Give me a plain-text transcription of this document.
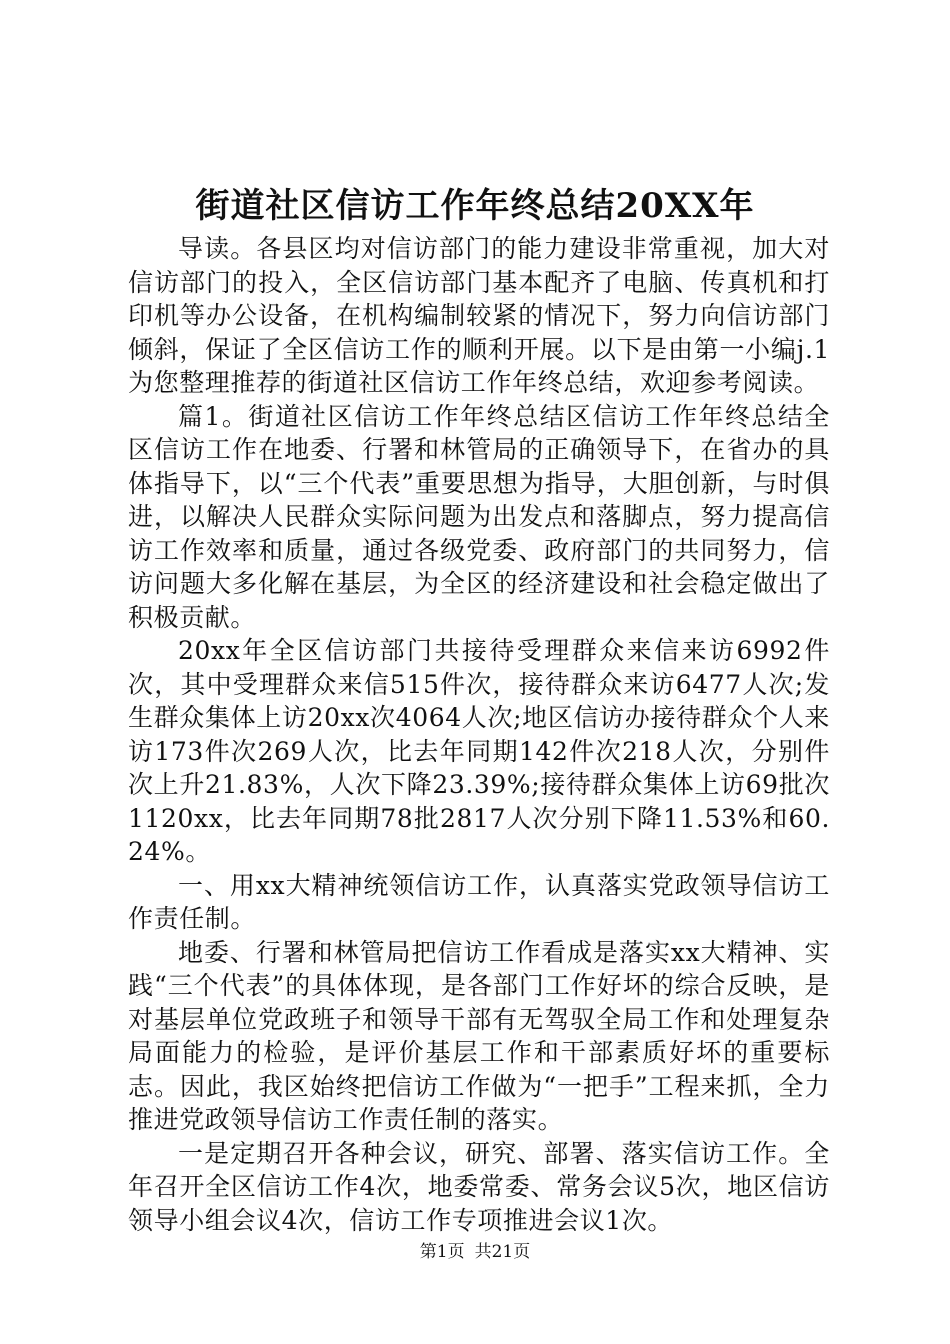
街道社区信访工作年终总结20XX年

导读。各县区均对信访部门的能力建设非常重视，加大对信访部门的投入，全区信访部门基本配齐了电脑、传真机和打印机等办公设备，在机构编制较紧的情况下，努力向信访部门倾斜，保证了全区信访工作的顺利开展。以下是由第一小编j.1为您整理推荐的街道社区信访工作年终总结，欢迎参考阅读。

篇1。街道社区信访工作年终总结区信访工作年终总结全区信访工作在地委、行署和林管局的正确领导下，在省办的具体指导下，以“三个代表”重要思想为指导，大胆创新，与时俱进，以解决人民群众实际问题为出发点和落脚点，努力提高信访工作效率和质量，通过各级党委、政府部门的共同努力，信访问题大多化解在基层，为全区的经济建设和社会稳定做出了积极贡献。

20xx年全区信访部门共接待受理群众来信来访6992件次，其中受理群众来信515件次，接待群众来访6477人次;发生群众集体上访20xx次4064人次;地区信访办接待群众个人来访173件次269人次，比去年同期142件次218人次，分别件次上升21.83%，人次下降23.39%;接待群众集体上访69批次1120xx，比去年同期78批2817人次分别下降11.53%和60.24%。

一、用xx大精神统领信访工作，认真落实党政领导信访工作责任制。

地委、行署和林管局把信访工作看成是落实xx大精神、实践“三个代表”的具体体现，是各部门工作好坏的综合反映，是对基层单位党政班子和领导干部有无驾驭全局工作和处理复杂局面能力的检验，是评价基层工作和干部素质好坏的重要标志。因此，我区始终把信访工作做为“一把手”工程来抓，全力推进党政领导信访工作责任制的落实。

一是定期召开各种会议，研究、部署、落实信访工作。全年召开全区信访工作4次，地委常委、常务会议5次，地区信访领导小组会议4次，信访工作专项推进会议1次。

第1页 共21页
